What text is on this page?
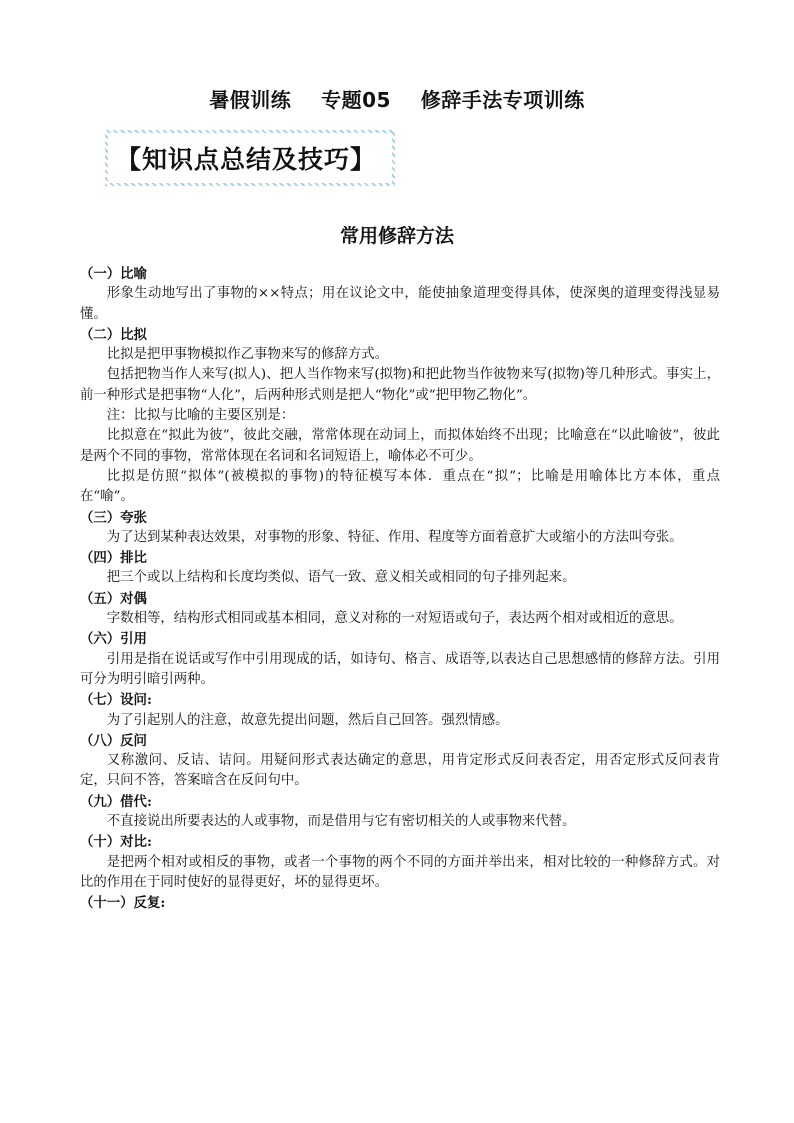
暑假训练    专题05    修辞手法专项训练
【知识点总结及技巧】
常用修辞方法

（一）比喻

形象生动地写出了事物的××特点；用在议论文中，能使抽象道理变得具体，使深奥的道理变得浅显易懂。

（二）比拟

比拟是把甲事物模拟作乙事物来写的修辞方式。

包括把物当作人来写(拟人)、把人当作物来写(拟物)和把此物当作彼物来写(拟物)等几种形式。事实上，前一种形式是把事物“人化”，后两种形式则是把人“物化”或“把甲物乙物化”。

注：比拟与比喻的主要区别是：

比拟意在“拟此为彼”，彼此交融，常常体现在动词上，而拟体始终不出现；比喻意在“以此喻彼”，彼此是两个不同的事物，常常体现在名词和名词短语上，喻体必不可少。

比拟是仿照“拟体”(被模拟的事物)的特征模写本体．重点在“拟”；比喻是用喻体比方本体，重点在“喻”。

（三）夸张

为了达到某种表达效果，对事物的形象、特征、作用、程度等方面着意扩大或缩小的方法叫夸张。

（四）排比

把三个或以上结构和长度均类似、语气一致、意义相关或相同的句子排列起来。

（五）对偶

字数相等，结构形式相同或基本相同，意义对称的一对短语或句子，表达两个相对或相近的意思。

（六）引用

引用是指在说话或写作中引用现成的话，如诗句、格言、成语等,以表达自己思想感情的修辞方法。引用可分为明引暗引两种。

（七）设问:

为了引起别人的注意，故意先提出问题，然后自己回答。强烈情感。

（八）反问

又称激问、反诘、诘问。用疑问形式表达确定的意思，用肯定形式反问表否定，用否定形式反问表肯定，只问不答，答案暗含在反问句中。

（九）借代:

不直接说出所要表达的人或事物，而是借用与它有密切相关的人或事物来代替。

（十）对比:

是把两个相对或相反的事物，或者一个事物的两个不同的方面并举出来，相对比较的一种修辞方式。对比的作用在于同时使好的显得更好，坏的显得更坏。

（十一）反复:
